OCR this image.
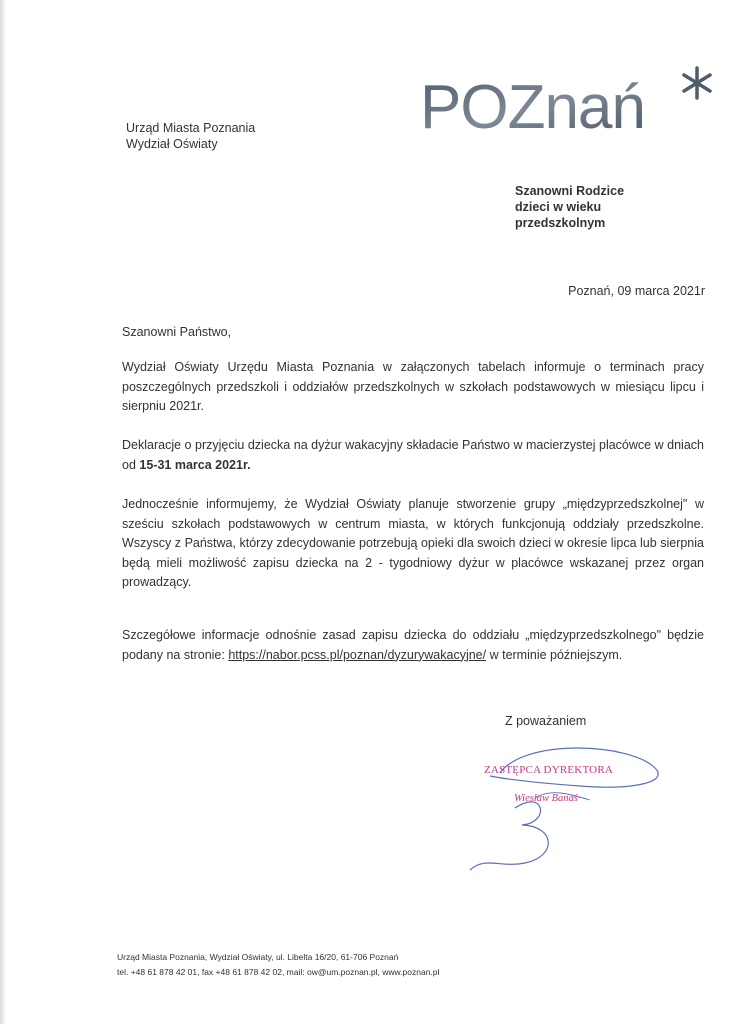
Urząd Miasta Poznania
Wydział Oświaty
POZnań
Szanowni Rodzice
dzieci w wieku
przedszkolnym
Poznań, 09 marca 2021r
Szanowni Państwo,

Wydział Oświaty Urzędu Miasta Poznania w załączonych tabelach informuje o terminach pracy poszczególnych przedszkoli i oddziałów przedszkolnych w szkołach podstawowych w miesiącu lipcu i sierpniu 2021r.

Deklaracje o przyjęciu dziecka na dyżur wakacyjny składacie Państwo w macierzystej placówce w dniach od 15-31 marca 2021r.

Jednocześnie informujemy, że Wydział Oświaty planuje stworzenie grupy „międzyprzedszkolnej" w sześciu szkołach podstawowych w centrum miasta, w których funkcjonują oddziały przedszkolne. Wszyscy z Państwa, którzy zdecydowanie potrzebują opieki dla swoich dzieci w okresie lipca lub sierpnia będą mieli możliwość zapisu dziecka na 2 - tygodniowy dyżur w placówce wskazanej przez organ prowadzący.

Szczegółowe informacje odnośnie zasad zapisu dziecka do oddziału „międzyprzedszkolnego" będzie podany na stronie: https://nabor.pcss.pl/poznan/dyzurywakacyjne/ w terminie późniejszym.

Z poważaniem
ZASTĘPCA DYREKTORA
Wiesław Banaś
Urząd Miasta Poznania, Wydział Oświaty, ul. Libelta 16/20, 61-706 Poznań
tel. +48 61 878 42 01, fax +48 61 878 42 02, mail: ow@um.poznan.pl, www.poznan.pl
